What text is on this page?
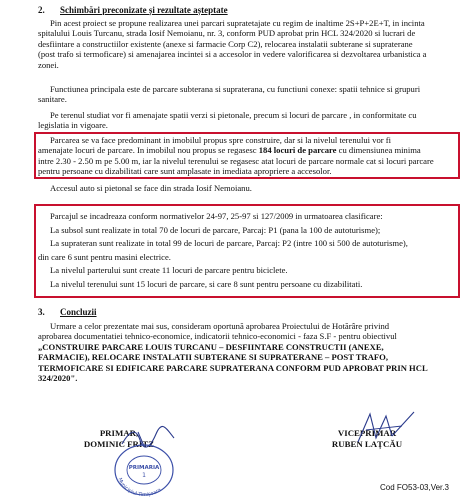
2. Schimbări preconizate și rezultate așteptate
Pin acest proiect se propune realizarea unei parcari supratetajate cu regim de inaltime 2S+P+2E+T, in incinta
spitalului Louis Turcanu, strada Iosif Nemoianu, nr. 3, conform PUD aprobat prin HCL 324/2020 si lucrari de
desfiintare a constructiilor existente (anexe si farmacie Corp C2), relocarea instalatii subterane si supraterane
(post trafo si termoficare) si amenajarea incintei si a accesolor in vedere valorificarea si dezvoltarea urbanistica a
zonei.
Functiunea principala este de parcare subterana si supraterana, cu functiuni conexe: spatii tehnice si grupuri
sanitare.
Pe terenul studiat vor fi amenajate spatii verzi si pietonale, precum si locuri de parcare , in conformitate cu
legislatia in vigoare.
Parcarea se va face predominant in imobilul propus spre construire, dar si la nivelul terenului vor fi
amenajate locuri de parcare. In imobilul nou propus se regasesc 184 locuri de parcare cu dimensiunea minima
intre 2.30 - 2.50 m pe 5.00 m, iar la nivelul terenului se regasesc atat locuri de parcare normale cat si locuri parcare
pentru persoane cu dizabilitati care sunt amplasate in imediata apropriere a accesolor.
Accesul auto si pietonal se face din strada Iosif Nemoianu.
Parcajul se incadreaza conform normativelor 24-97, 25-97 si 127/2009 in urmatoarea clasificare:
La subsol sunt realizate in total 70 de locuri de parcare, Parcaj: P1 (pana la 100 de autoturisme);
La suprateran sunt realizate in total 99 de locuri de parcare, Parcaj: P2 (intre 100 si 500 de autoturisme),
din care 6 sunt pentru masini electrice.
La nivelul parterului sunt create 11 locuri de parcare pentru biciclete.
La nivelul terenului sunt 15 locuri de parcare, si care 8 sunt pentru persoane cu dizabilitati.
3. Concluzii
Urmare a celor prezentate mai sus, consideram oportună aprobarea Proiectului de Hotărâre privind
aprobarea documentatiei tehnico-economice, indicatorii tehnico-economici - faza S.F - pentru obiectivul
„CONSTRUIRE PARCARE LOUIS TURCANU – DESFIINTARE CONSTRUCTII (ANEXE,
FARMACIE), RELOCARE INSTALATII SUBTERANE SI SUPRATERANE – POST TRAFO,
TERMOFICARE SI EDIFICARE PARCARE SUPRATERANA CONFORM PUD APROBAT PRIN HCL
324/2020".
PRIMAR,
DOMINIC FRITZ
Municipiul Timișoara
PRIMARIA
1
VICEPRIMAR
RUBEN LAȚCĂU
Cod FO53-03,Ver.3
